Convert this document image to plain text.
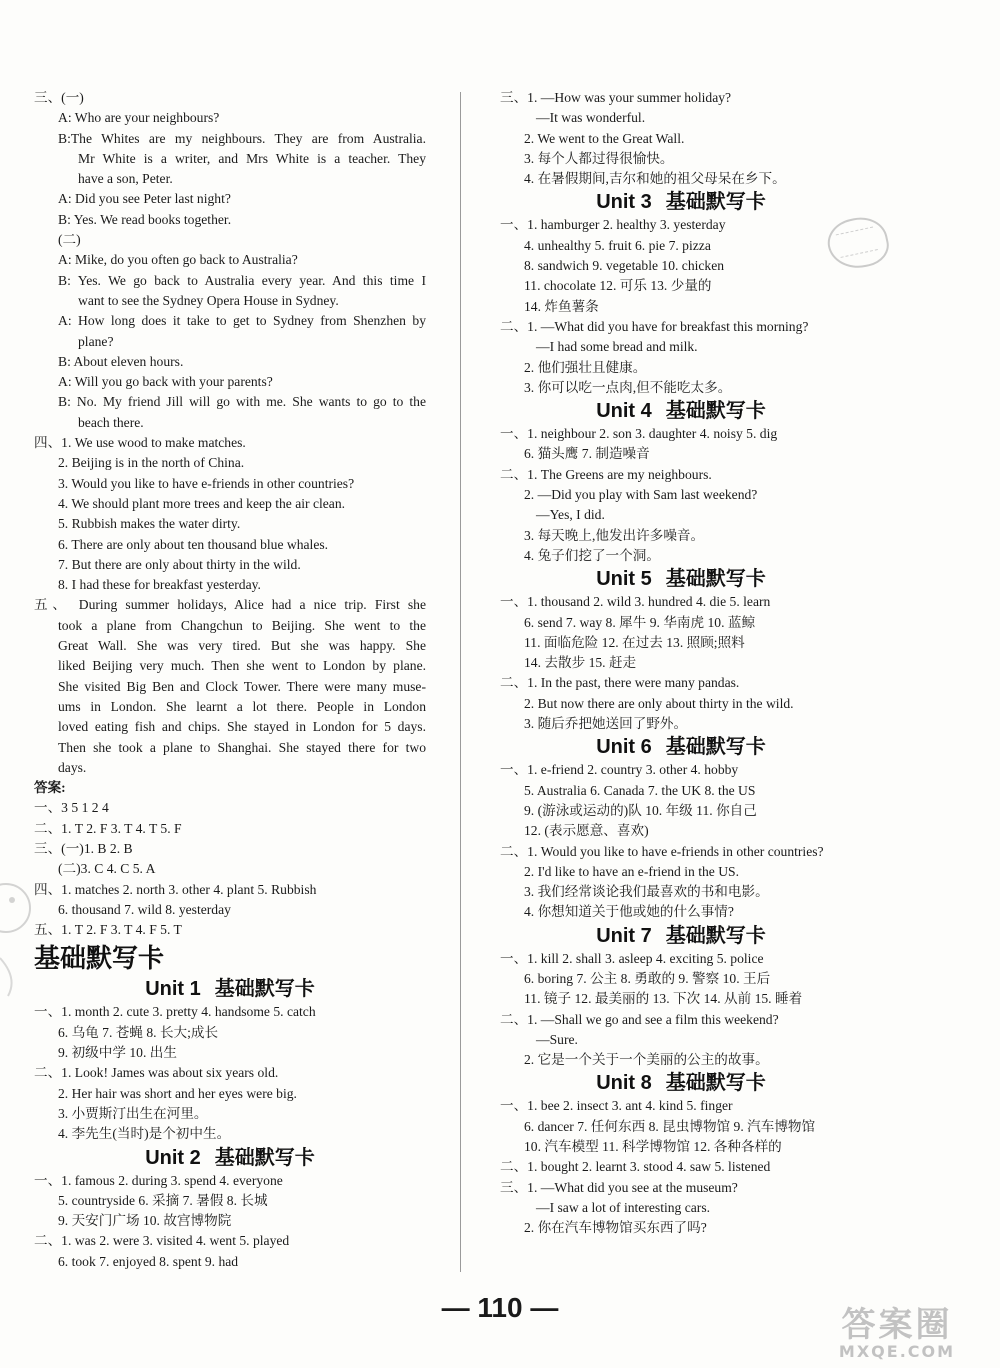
三、(一)
A: Who are your neighbours?
B:The Whites are my neighbours. They are from Australia.
Mr White is a writer, and Mrs White is a teacher. They
have a son, Peter.
A: Did you see Peter last night?
B: Yes. We read books together.
(二)
A: Mike, do you often go back to Australia?
B: Yes. We go back to Australia every year. And this time I
want to see the Sydney Opera House in Sydney.
A: How long does it take to get to Sydney from Shenzhen by
plane?
B: About eleven hours.
A: Will you go back with your parents?
B: No. My friend Jill will go with me. She wants to go to the
beach there.
四、1. We use wood to make matches.
2. Beijing is in the north of China.
3. Would you like to have e-friends in other countries?
4. We should plant more trees and keep the air clean.
5. Rubbish makes the water dirty.
6. There are only about ten thousand blue whales.
7. But there are only about thirty in the wild.
8. I had these for breakfast yesterday.
五、 During summer holidays, Alice had a nice trip. First she
took a plane from Changchun to Beijing. She went to the
Great Wall. She was very tired. But she was happy. She
liked Beijing very much. Then she went to London by plane.
She visited Big Ben and Clock Tower. There were many muse-
ums in London. She learnt a lot there. People in London
loved eating fish and chips. She stayed in London for 5 days.
Then she took a plane to Shanghai. She stayed there for two
days.
答案:
一、3 5 1 2 4
二、1. T 2. F 3. T 4. T 5. F
三、(一)1. B 2. B
(二)3. C 4. C 5. A
四、1. matches 2. north 3. other 4. plant 5. Rubbish
6. thousand 7. wild 8. yesterday
五、1. T 2. F 3. T 4. F 5. T
基础默写卡
Unit 1 基础默写卡
一、1. month 2. cute 3. pretty 4. handsome 5. catch
6. 乌龟 7. 苍蝇 8. 长大;成长
9. 初级中学 10. 出生
二、1. Look! James was about six years old.
2. Her hair was short and her eyes were big.
3. 小贾斯汀出生在河里。
4. 李先生(当时)是个初中生。
Unit 2 基础默写卡
一、1. famous 2. during 3. spend 4. everyone
5. countryside 6. 采摘 7. 暑假 8. 长城
9. 天安门广场 10. 故宫博物院
二、1. was 2. were 3. visited 4. went 5. played
6. took 7. enjoyed 8. spent 9. had
三、1. —How was your summer holiday?
—It was wonderful.
2. We went to the Great Wall.
3. 每个人都过得很愉快。
4. 在暑假期间,吉尔和她的祖父母呆在乡下。
Unit 3 基础默写卡
一、1. hamburger 2. healthy 3. yesterday
4. unhealthy 5. fruit 6. pie 7. pizza
8. sandwich 9. vegetable 10. chicken
11. chocolate 12. 可乐 13. 少量的
14. 炸鱼薯条
二、1. —What did you have for breakfast this morning?
—I had some bread and milk.
2. 他们强壮且健康。
3. 你可以吃一点肉,但不能吃太多。
Unit 4 基础默写卡
一、1. neighbour 2. son 3. daughter 4. noisy 5. dig
6. 猫头鹰 7. 制造噪音
二、1. The Greens are my neighbours.
2. —Did you play with Sam last weekend?
—Yes, I did.
3. 每天晚上,他发出许多噪音。
4. 兔子们挖了一个洞。
Unit 5 基础默写卡
一、1. thousand 2. wild 3. hundred 4. die 5. learn
6. send 7. way 8. 犀牛 9. 华南虎 10. 蓝鲸
11. 面临危险 12. 在过去 13. 照顾;照料
14. 去散步 15. 赶走
二、1. In the past, there were many pandas.
2. But now there are only about thirty in the wild.
3. 随后乔把她送回了野外。
Unit 6 基础默写卡
一、1. e-friend 2. country 3. other 4. hobby
5. Australia 6. Canada 7. the UK 8. the US
9. (游泳或运动的)队 10. 年级 11. 你自己
12. (表示愿意、喜欢)
二、1. Would you like to have e-friends in other countries?
2. I'd like to have an e-friend in the US.
3. 我们经常谈论我们最喜欢的书和电影。
4. 你想知道关于他或她的什么事情?
Unit 7 基础默写卡
一、1. kill 2. shall 3. asleep 4. exciting 5. police
6. boring 7. 公主 8. 勇敢的 9. 警察 10. 王后
11. 镜子 12. 最美丽的 13. 下次 14. 从前 15. 睡着
二、1. —Shall we go and see a film this weekend?
—Sure.
2. 它是一个关于一个美丽的公主的故事。
Unit 8 基础默写卡
一、1. bee 2. insect 3. ant 4. kind 5. finger
6. dancer 7. 任何东西 8. 昆虫博物馆 9. 汽车博物馆
10. 汽车模型 11. 科学博物馆 12. 各种各样的
二、1. bought 2. learnt 3. stood 4. saw 5. listened
三、1. —What did you see at the museum?
—I saw a lot of interesting cars.
2. 你在汽车博物馆买东西了吗?
— 110 —	答案圈
MXQE.COM
